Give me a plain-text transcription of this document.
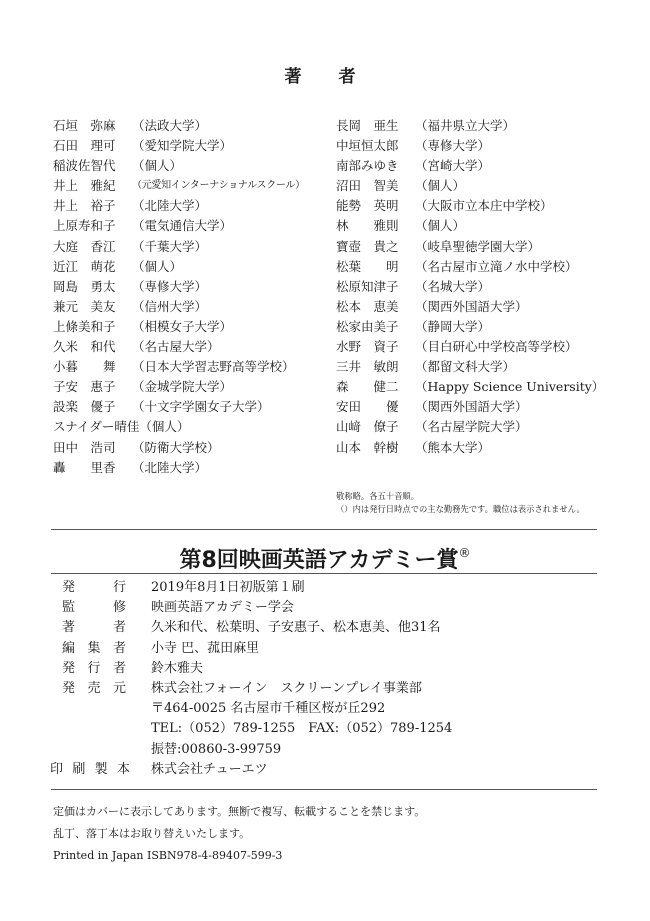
著　者
石垣　弥麻	（法政大学）
石田　理可	（愛知学院大学）
稲波佐智代	（個人）
井上　雅紀	（元愛知インターナショナルスクール）
井上　裕子	（北陸大学）
上原寿和子	（電気通信大学）
大庭　香江	（千葉大学）
近江　萌花	（個人）
岡島　勇太	（専修大学）
兼元　美友	（信州大学）
上條美和子	（相模女子大学）
久米　和代	（名古屋大学）
小暮　　舞	（日本大学習志野高等学校）
子安　惠子	（金城学院大学）
設楽　優子	（十文字学園女子大学）
スナイダー晴佳 （個人）
田中　浩司	（防衛大学校）
轟　　里香	（北陸大学）
長岡　亜生	（福井県立大学）
中垣恒太郎	（専修大学）
南部みゆき	（宮崎大学）
沼田　智美	（個人）
能勢　英明	（大阪市立本庄中学校）
林　　雅則	（個人）
寶壺　貴之	（岐阜聖徳学園大学）
松葉　　明	（名古屋市立滝ノ水中学校）
松原知津子	（名城大学）
松本　恵美	（関西外国語大学）
松家由美子	（静岡大学）
水野　資子	（目白研心中学校高等学校）
三井　敏朗	（都留文科大学）
森　　健二	（Happy Science University）
安田　　優	（関西外国語大学）
山﨑　僚子	（名古屋学院大学）
山本　幹樹	（熊本大学）
敬称略。各五十音順。
（）内は発行日時点での主な勤務先です。職位は表示されません。
第8回映画英語アカデミー賞®
発　行 2019年8月1日初版第１刷
監　修 映画英語アカデミー学会
著　者 久米和代、松葉明、子安惠子、松本恵美、他31名
編集者 小寺 巴、菰田麻里
発行者 鈴木雅夫
発売元 株式会社フォーイン　スクリーンプレイ事業部
〒464-0025 名古屋市千種区桜が丘292
TEL:（052）789-1255　FAX:（052）789-1254
振替:00860-3-99759
印刷製本 株式会社チューエツ
定価はカバーに表示してあります。無断で複写、転載することを禁じます。
乱丁、落丁本はお取り替えいたします。
Printed in Japan ISBN978-4-89407-599-3
